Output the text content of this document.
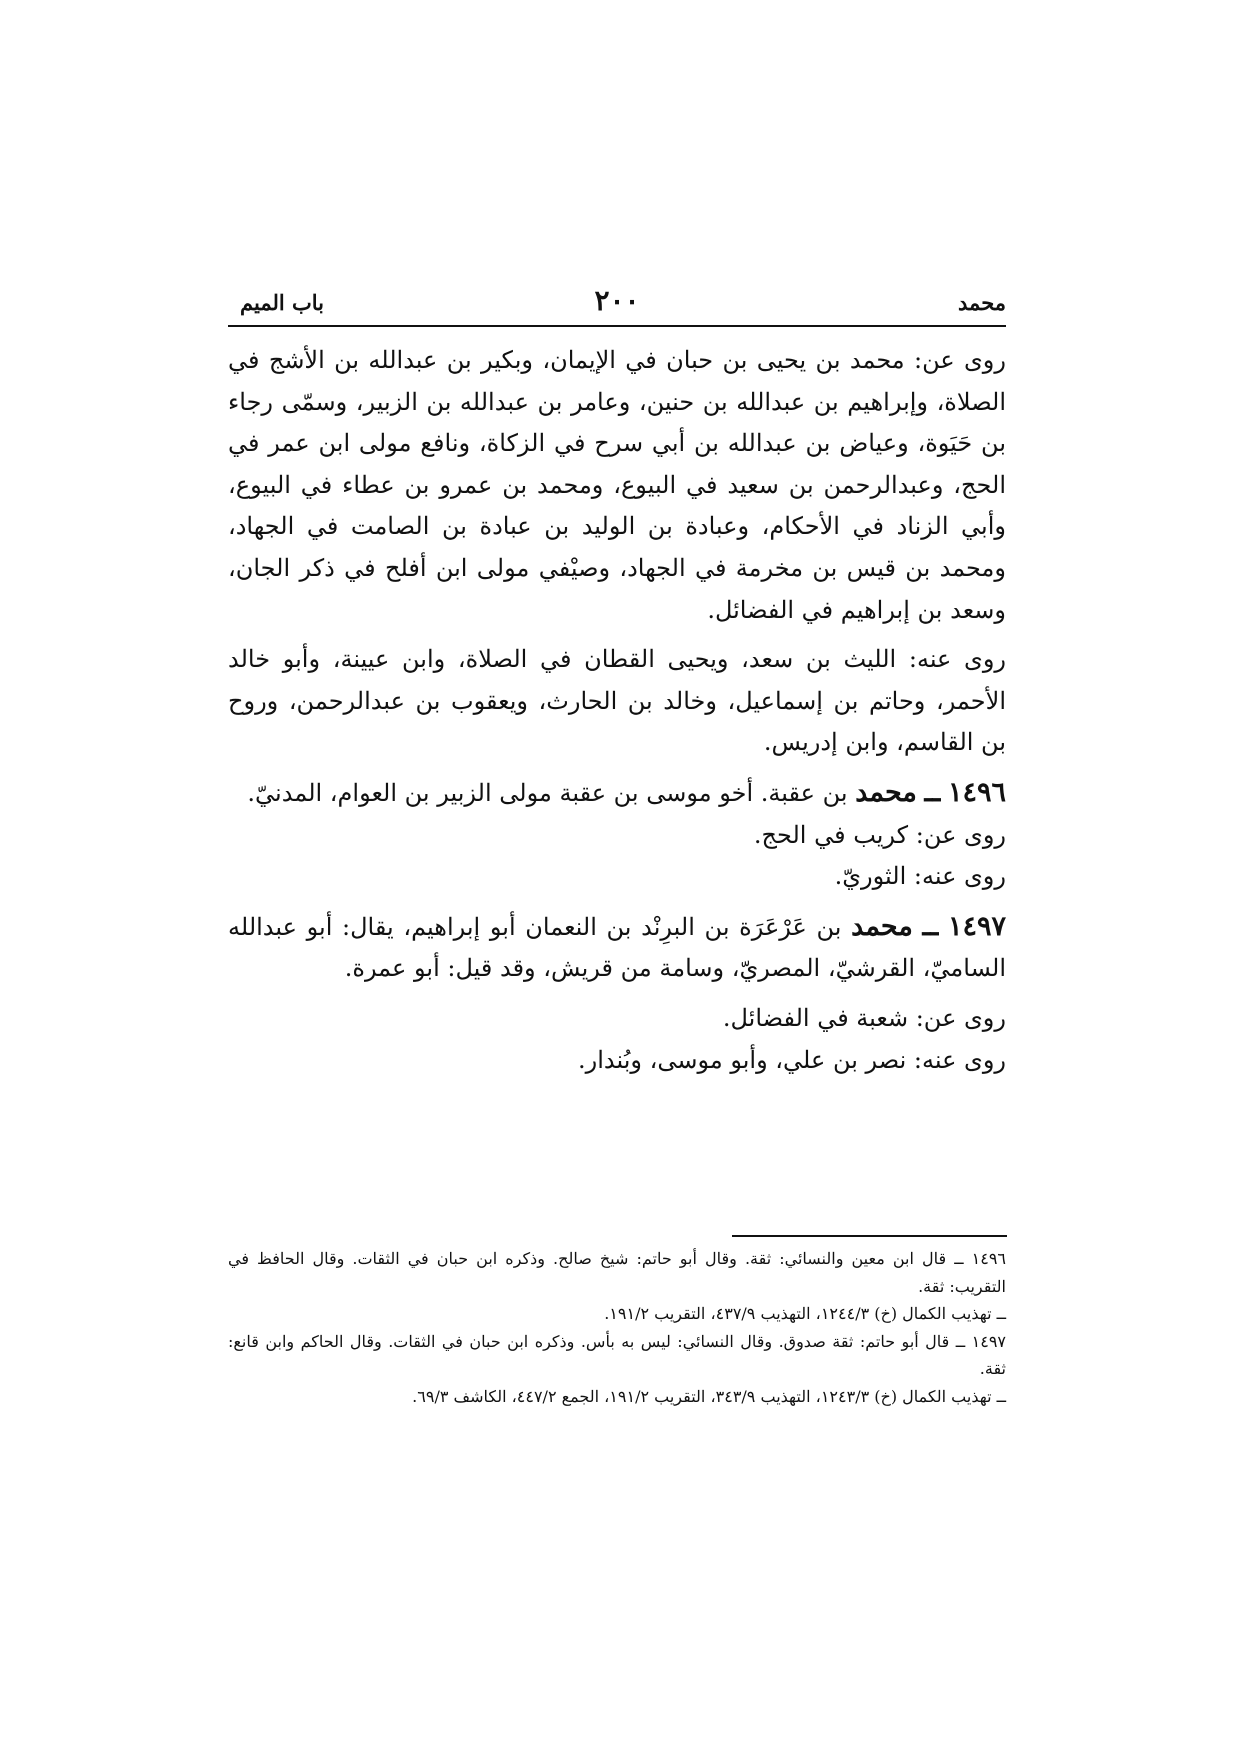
محمد
٢٠٠
باب الميم

روى عن: محمد بن يحيى بن حبان في الإيمان، وبكير بن عبدالله بن الأشج في الصلاة، وإبراهيم بن عبدالله بن حنين، وعامر بن عبدالله بن الزبير، وسمّى رجاء بن حَيَوة، وعياض بن عبدالله بن أبي سرح في الزكاة، ونافع مولى ابن عمر في الحج، وعبدالرحمن بن سعيد في البيوع، ومحمد بن عمرو بن عطاء في البيوع، وأبي الزناد في الأحكام، وعبادة بن الوليد بن عبادة بن الصامت في الجهاد، ومحمد بن قيس بن مخرمة في الجهاد، وصيْفي مولى ابن أفلح في ذكر الجان، وسعد بن إبراهيم في الفضائل.

روى عنه: الليث بن سعد، ويحيى القطان في الصلاة، وابن عيينة، وأبو خالد الأحمر، وحاتم بن إسماعيل، وخالد بن الحارث، ويعقوب بن عبدالرحمن، وروح بن القاسم، وابن إدريس.

١٤٩٦ ــ محمد بن عقبة. أخو موسى بن عقبة مولى الزبير بن العوام، المدنيّ.

روى عن: كريب في الحج.

روى عنه: الثوريّ.

١٤٩٧ ــ محمد بن عَرْعَرَة بن البرِنْد بن النعمان أبو إبراهيم، يقال: أبو عبدالله الساميّ، القرشيّ، المصريّ، وسامة من قريش، وقد قيل: أبو عمرة.

روى عن: شعبة في الفضائل.

روى عنه: نصر بن علي، وأبو موسى، وبُندار.

١٤٩٦ ــ قال ابن معين والنسائي: ثقة. وقال أبو حاتم: شيخ صالح. وذكره ابن حبان في الثقات. وقال الحافظ في التقريب: ثقة.

ــ تهذيب الكمال (خ) ١٢٤٤/٣، التهذيب ٤٣٧/٩، التقريب ١٩١/٢.

١٤٩٧ ــ قال أبو حاتم: ثقة صدوق. وقال النسائي: ليس به بأس. وذكره ابن حبان في الثقات. وقال الحاكم وابن قانع: ثقة.

ــ تهذيب الكمال (خ) ١٢٤٣/٣، التهذيب ٣٤٣/٩، التقريب ١٩١/٢، الجمع ٤٤٧/٢، الكاشف ٦٩/٣.
